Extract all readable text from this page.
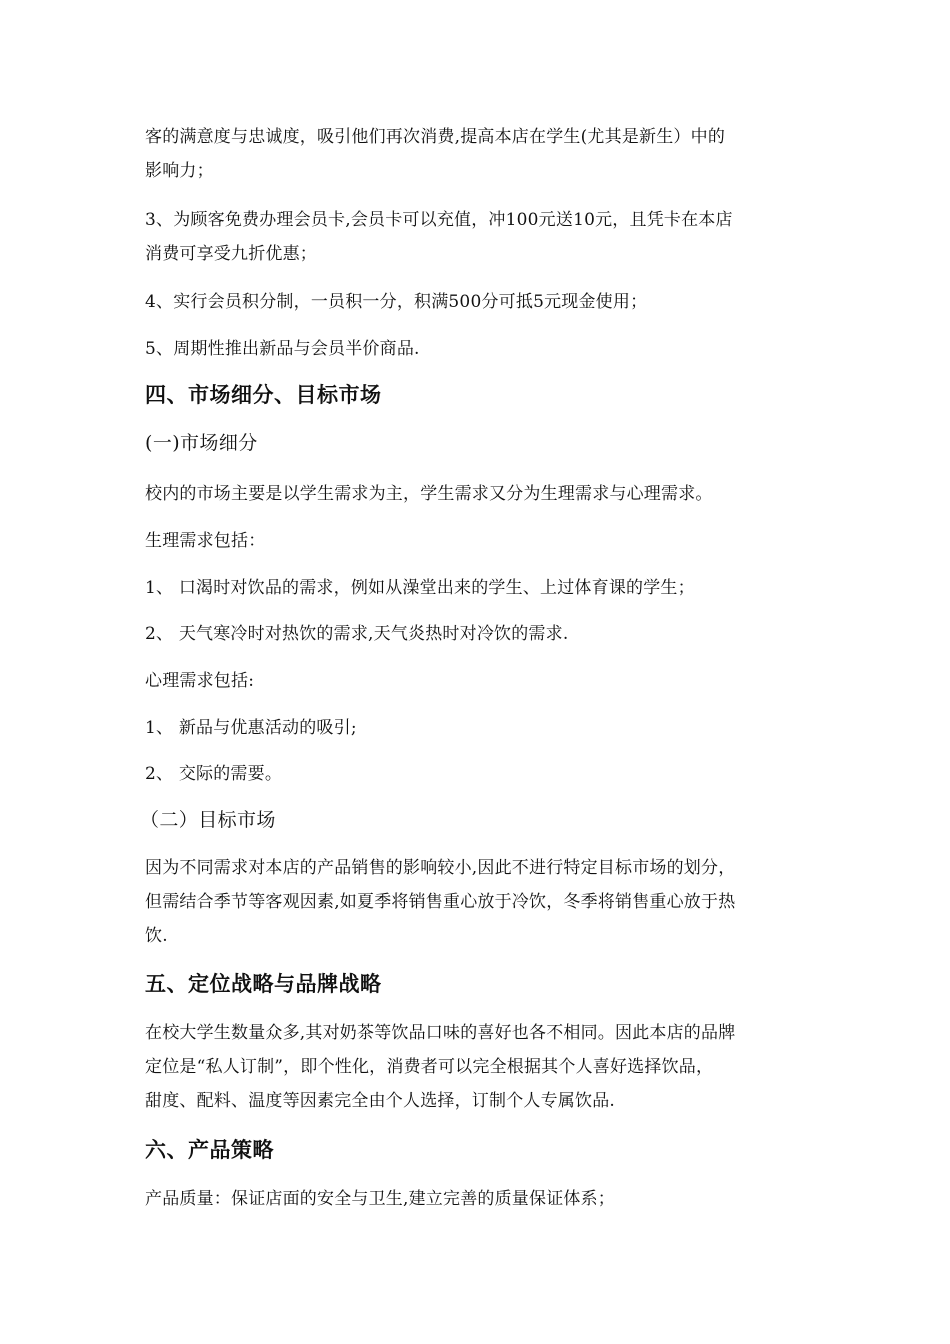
客的满意度与忠诚度，吸引他们再次消费,提高本店在学生(尤其是新生）中的
影响力；
3、为顾客免费办理会员卡,会员卡可以充值，冲100元送10元，且凭卡在本店
消费可享受九折优惠；
4、实行会员积分制，一员积一分，积满500分可抵5元现金使用；
5、周期性推出新品与会员半价商品.
四、市场细分、目标市场
(一)市场细分
校内的市场主要是以学生需求为主，学生需求又分为生理需求与心理需求。
生理需求包括：
1、 口渴时对饮品的需求，例如从澡堂出来的学生、上过体育课的学生；
2、 天气寒冷时对热饮的需求,天气炎热时对冷饮的需求.
心理需求包括:
1、 新品与优惠活动的吸引;
2、 交际的需要。
（二）目标市场
因为不同需求对本店的产品销售的影响较小,因此不进行特定目标市场的划分，
但需结合季节等客观因素,如夏季将销售重心放于冷饮，冬季将销售重心放于热
饮.
五、定位战略与品牌战略
在校大学生数量众多,其对奶茶等饮品口味的喜好也各不相同。因此本店的品牌
定位是“私人订制”，即个性化，消费者可以完全根据其个人喜好选择饮品，
甜度、配料、温度等因素完全由个人选择，订制个人专属饮品.
六、产品策略
产品质量：保证店面的安全与卫生,建立完善的质量保证体系；
